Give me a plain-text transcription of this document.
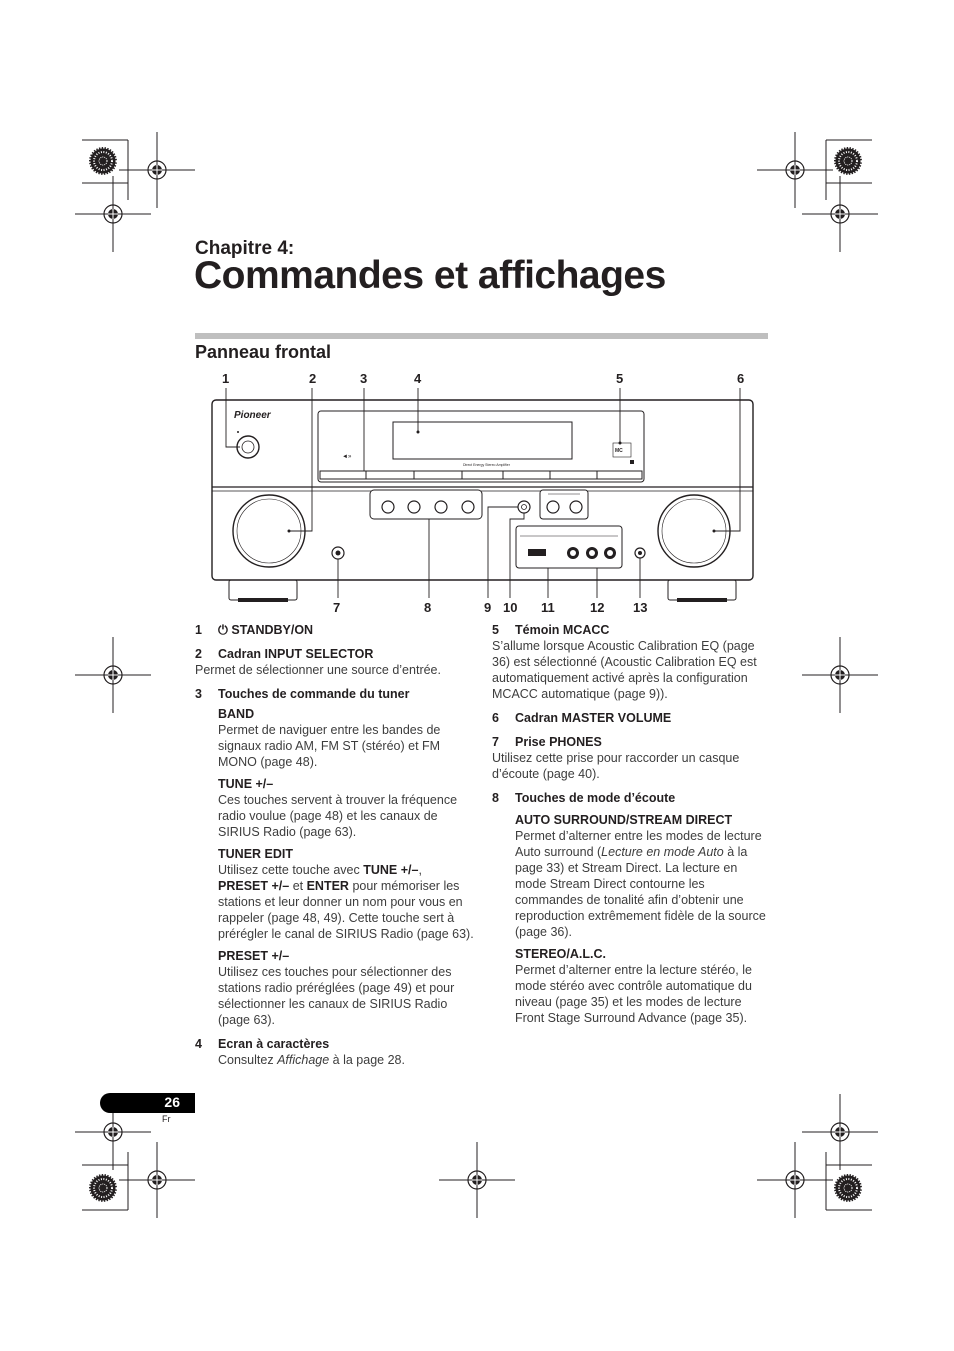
Chapitre 4:
Commandes et affichages
Panneau frontal
1	2	3	4	5	6
7	8	9 10 11	12 13
Pioneer
◄»
Direct Energy Stereo Amplifier
MC
1 ⏻ STANDBY/ON
2 Cadran INPUT SELECTOR
Permet de sélectionner une source d’entrée.
3 Touches de commande du tuner
BAND
Permet de naviguer entre les bandes de signaux radio AM, FM ST (stéréo) et FM MONO (page 48).
TUNE +/–
Ces touches servent à trouver la fréquence radio voulue (page 48) et les canaux de SIRIUS Radio (page 63).
TUNER EDIT
Utilisez cette touche avec TUNE +/–, PRESET +/– et ENTER pour mémoriser les stations et leur donner un nom pour vous en rappeler (page 48, 49). Cette touche sert à prérégler le canal de SIRIUS Radio (page 63).
PRESET +/–
Utilisez ces touches pour sélectionner des stations radio préréglées (page 49) et pour sélectionner les canaux de SIRIUS Radio (page 63).
4 Ecran à caractères
Consultez Affichage à la page 28.
5 Témoin MCACC
S’allume lorsque Acoustic Calibration EQ (page 36) est sélectionné (Acoustic Calibration EQ est automatiquement activé après la configuration MCACC automatique (page 9)).
6 Cadran MASTER VOLUME
7 Prise PHONES
Utilisez cette prise pour raccorder un casque d’écoute (page 40).
8 Touches de mode d’écoute
AUTO SURROUND/STREAM DIRECT
Permet d’alterner entre les modes de lecture Auto surround (Lecture en mode Auto à la page 33) et Stream Direct. La lecture en mode Stream Direct contourne les commandes de tonalité afin d’obtenir une reproduction extrêmement fidèle de la source (page 36).
STEREO/A.L.C.
Permet d’alterner entre la lecture stéréo, le mode stéréo avec contrôle automatique du niveau (page 35) et les modes de lecture Front Stage Surround Advance (page 35).
26
Fr
